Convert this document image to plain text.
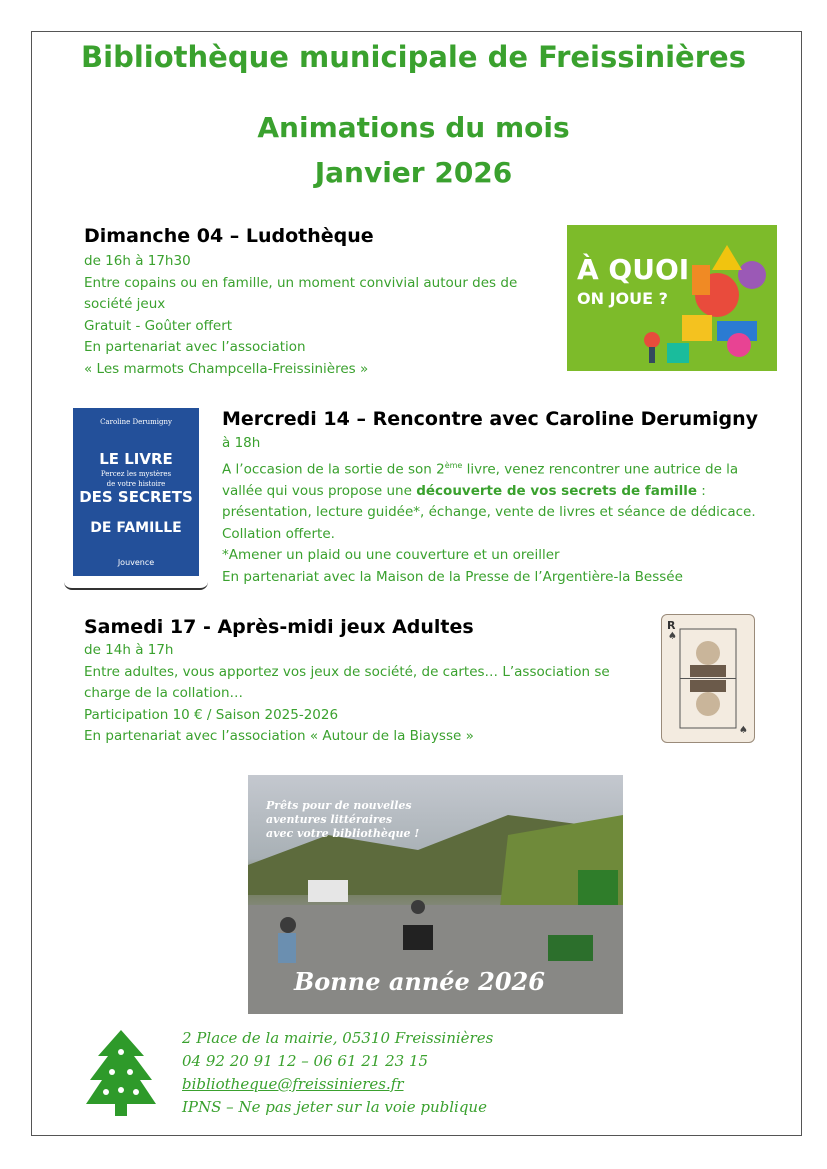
Bibliothèque municipale de Freissinières
Animations du mois
Janvier 2026
Dimanche 04 – Ludothèque

de 16h à 17h30

Entre copains ou en famille, un moment convivial autour des de

société jeux

Gratuit - Goûter offert

En partenariat avec l’association

« Les marmots Champcella-Freissinières »

À QUOI
ON JOUE ?
Caroline Derumigny
LE LIVRE
Percez les mystères
de votre histoire
DES SECRETS
DE FAMILLE
Jouvence
Mercredi 14 – Rencontre avec Caroline Derumigny

à 18h

A l’occasion de la sortie de son 2ème livre, venez rencontrer une autrice de la

vallée qui vous propose une découverte de vos secrets de famille :

présentation, lecture guidée*, échange, vente de livres et séance de dédicace.

Collation offerte.

*Amener un plaid ou une couverture et un oreiller

En partenariat avec la Maison de la Presse de l’Argentière-la Bessée

Samedi 17 - Après-midi jeux Adultes

de 14h à 17h

Entre adultes, vous apportez vos jeux de société, de cartes… L’association se

charge de la collation…

Participation 10 € / Saison 2025-2026

En partenariat avec l’association « Autour de la Biaysse »

R
♠
♠
Prêts pour de nouvelles
aventures littéraires
avec votre bibliothèque !
Bonne année 2026

2 Place de la mairie, 05310 Freissinières

04 92 20 91 12 – 06 61 21 23 15

bibliotheque@freissinieres.fr

IPNS – Ne pas jeter sur la voie publique
